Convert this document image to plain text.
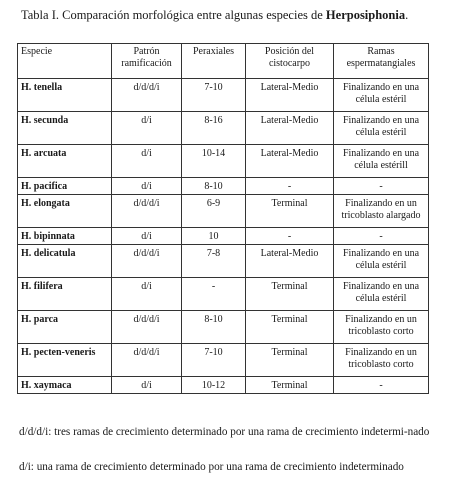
Tabla I. Comparación morfológica entre algunas especies de Herposiphonia.
Especie	Patrón ramificación	Peraxiales	Posición del cistocarpo	Ramas espermatangiales
H. tenella	d/d/d/i	7-10	Lateral-Medio	Finalizando en una célula estéril
H. secunda	d/i	8-16	Lateral-Medio	Finalizando en una célula estéril
H. arcuata	d/i	10-14	Lateral-Medio	Finalizando en una célula estérill
H. pacifica	d/i	8-10	-	-
H. elongata	d/d/d/i	6-9	Terminal	Finalizando en un tricoblasto alargado
H. bipinnata	d/i	10	-	-
H. delicatula	d/d/d/i	7-8	Lateral-Medio	Finalizando en una célula estéril
H. filifera	d/i	-	Terminal	Finalizando en una célula estéril
H. parca	d/d/d/i	8-10	Terminal	Finalizando en un tricoblasto corto
H. pecten-veneris	d/d/d/i	7-10	Terminal	Finalizando en un tricoblasto corto
H. xaymaca	d/i	10-12	Terminal	-
d/d/d/i: tres ramas de crecimiento determinado por una rama de crecimiento indetermi-nado
d/i: una rama de crecimiento determinado por una rama de crecimiento indeterminado
